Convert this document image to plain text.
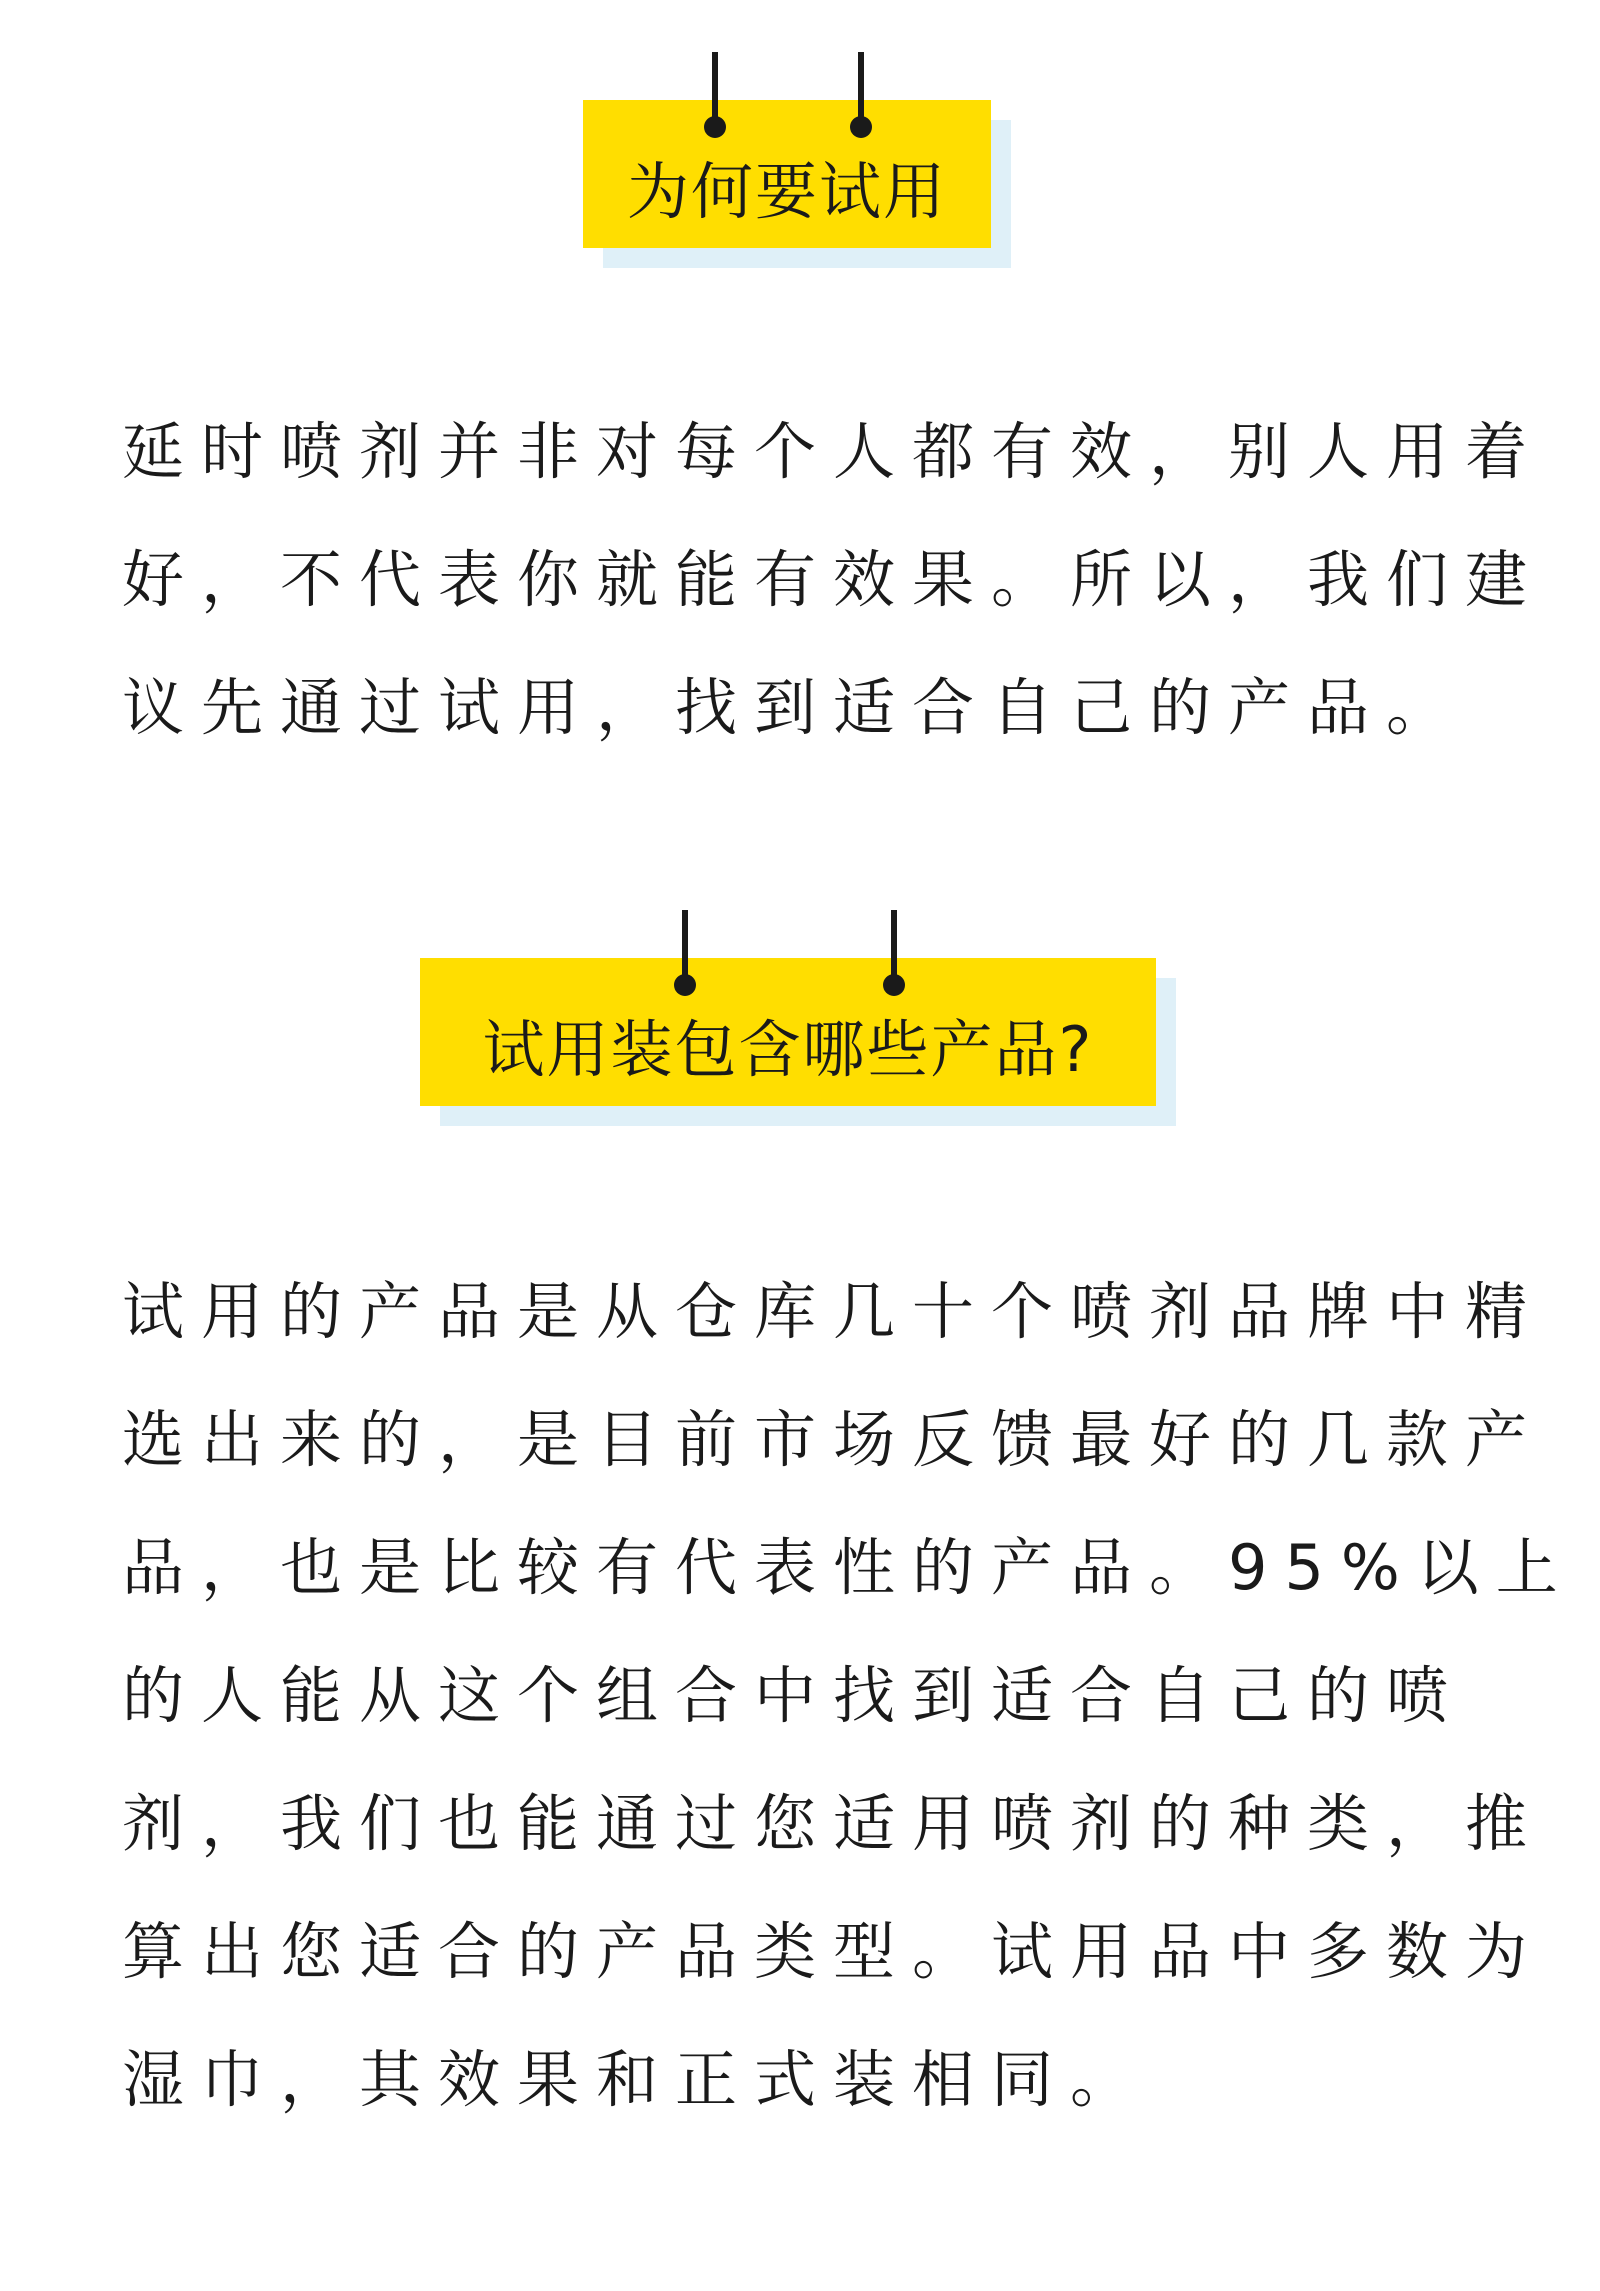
为何要试用

延时喷剂并非对每个人都有效，别人用着
好，不代表你就能有效果。所以，我们建
议先通过试用，找到适合自己的产品。

试用装包含哪些产品?

试用的产品是从仓库几十个喷剂品牌中精
选出来的，是目前市场反馈最好的几款产
品，也是比较有代表性的产品。95%以上
的人能从这个组合中找到适合自己的喷
剂，我们也能通过您适用喷剂的种类，推
算出您适合的产品类型。试用品中多数为
湿巾，其效果和正式装相同。
